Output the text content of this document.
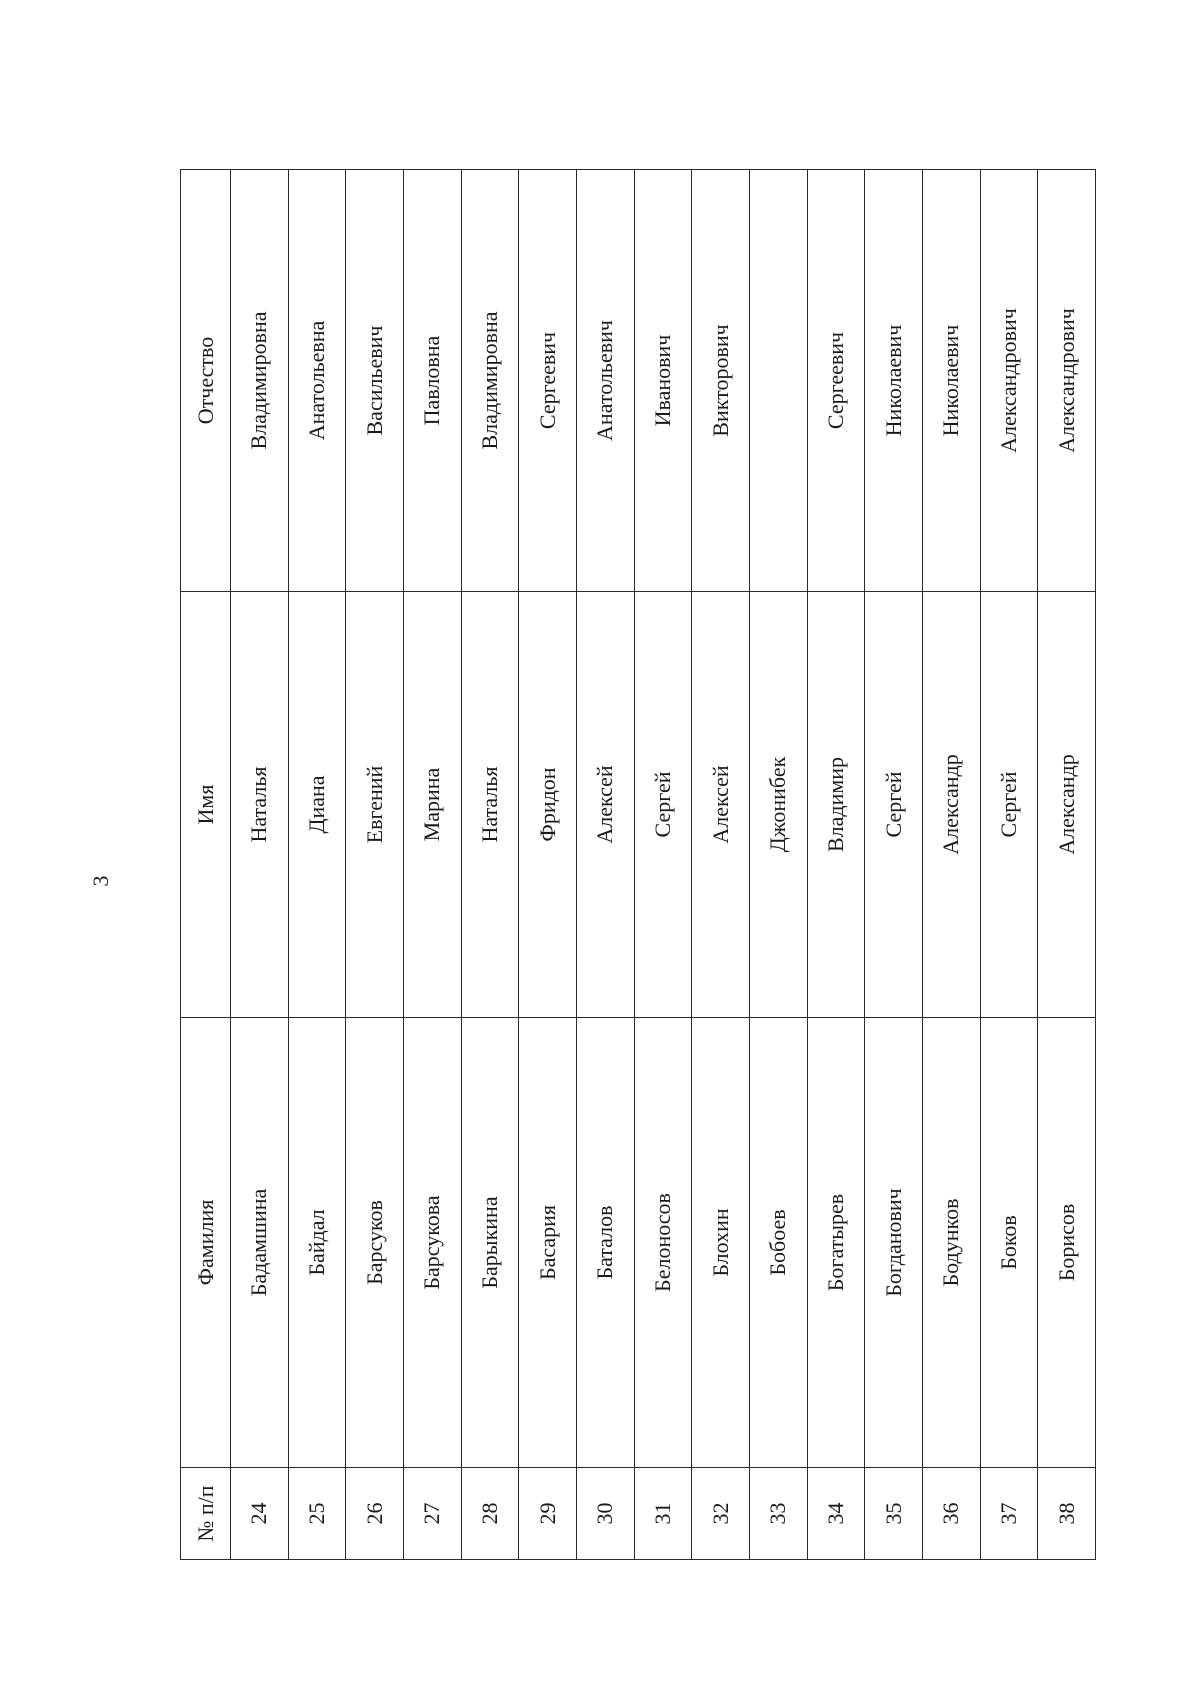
3
№ п/п	Фамилия	Имя	Отчество
24	Бадамшина	Наталья	Владимировна
25	Байдал	Диана	Анатольевна
26	Барсуков	Евгений	Васильевич
27	Барсукова	Марина	Павловна
28	Барыкина	Наталья	Владимировна
29	Басария	Фридон	Сергеевич
30	Баталов	Алексей	Анатольевич
31	Белоносов	Сергей	Иванович
32	Блохин	Алексей	Викторович
33	Бобоев	Джонибек	
34	Богатырев	Владимир	Сергеевич
35	Богданович	Сергей	Николаевич
36	Бодунков	Александр	Николаевич
37	Боков	Сергей	Александрович
38	Борисов	Александр	Александрович
